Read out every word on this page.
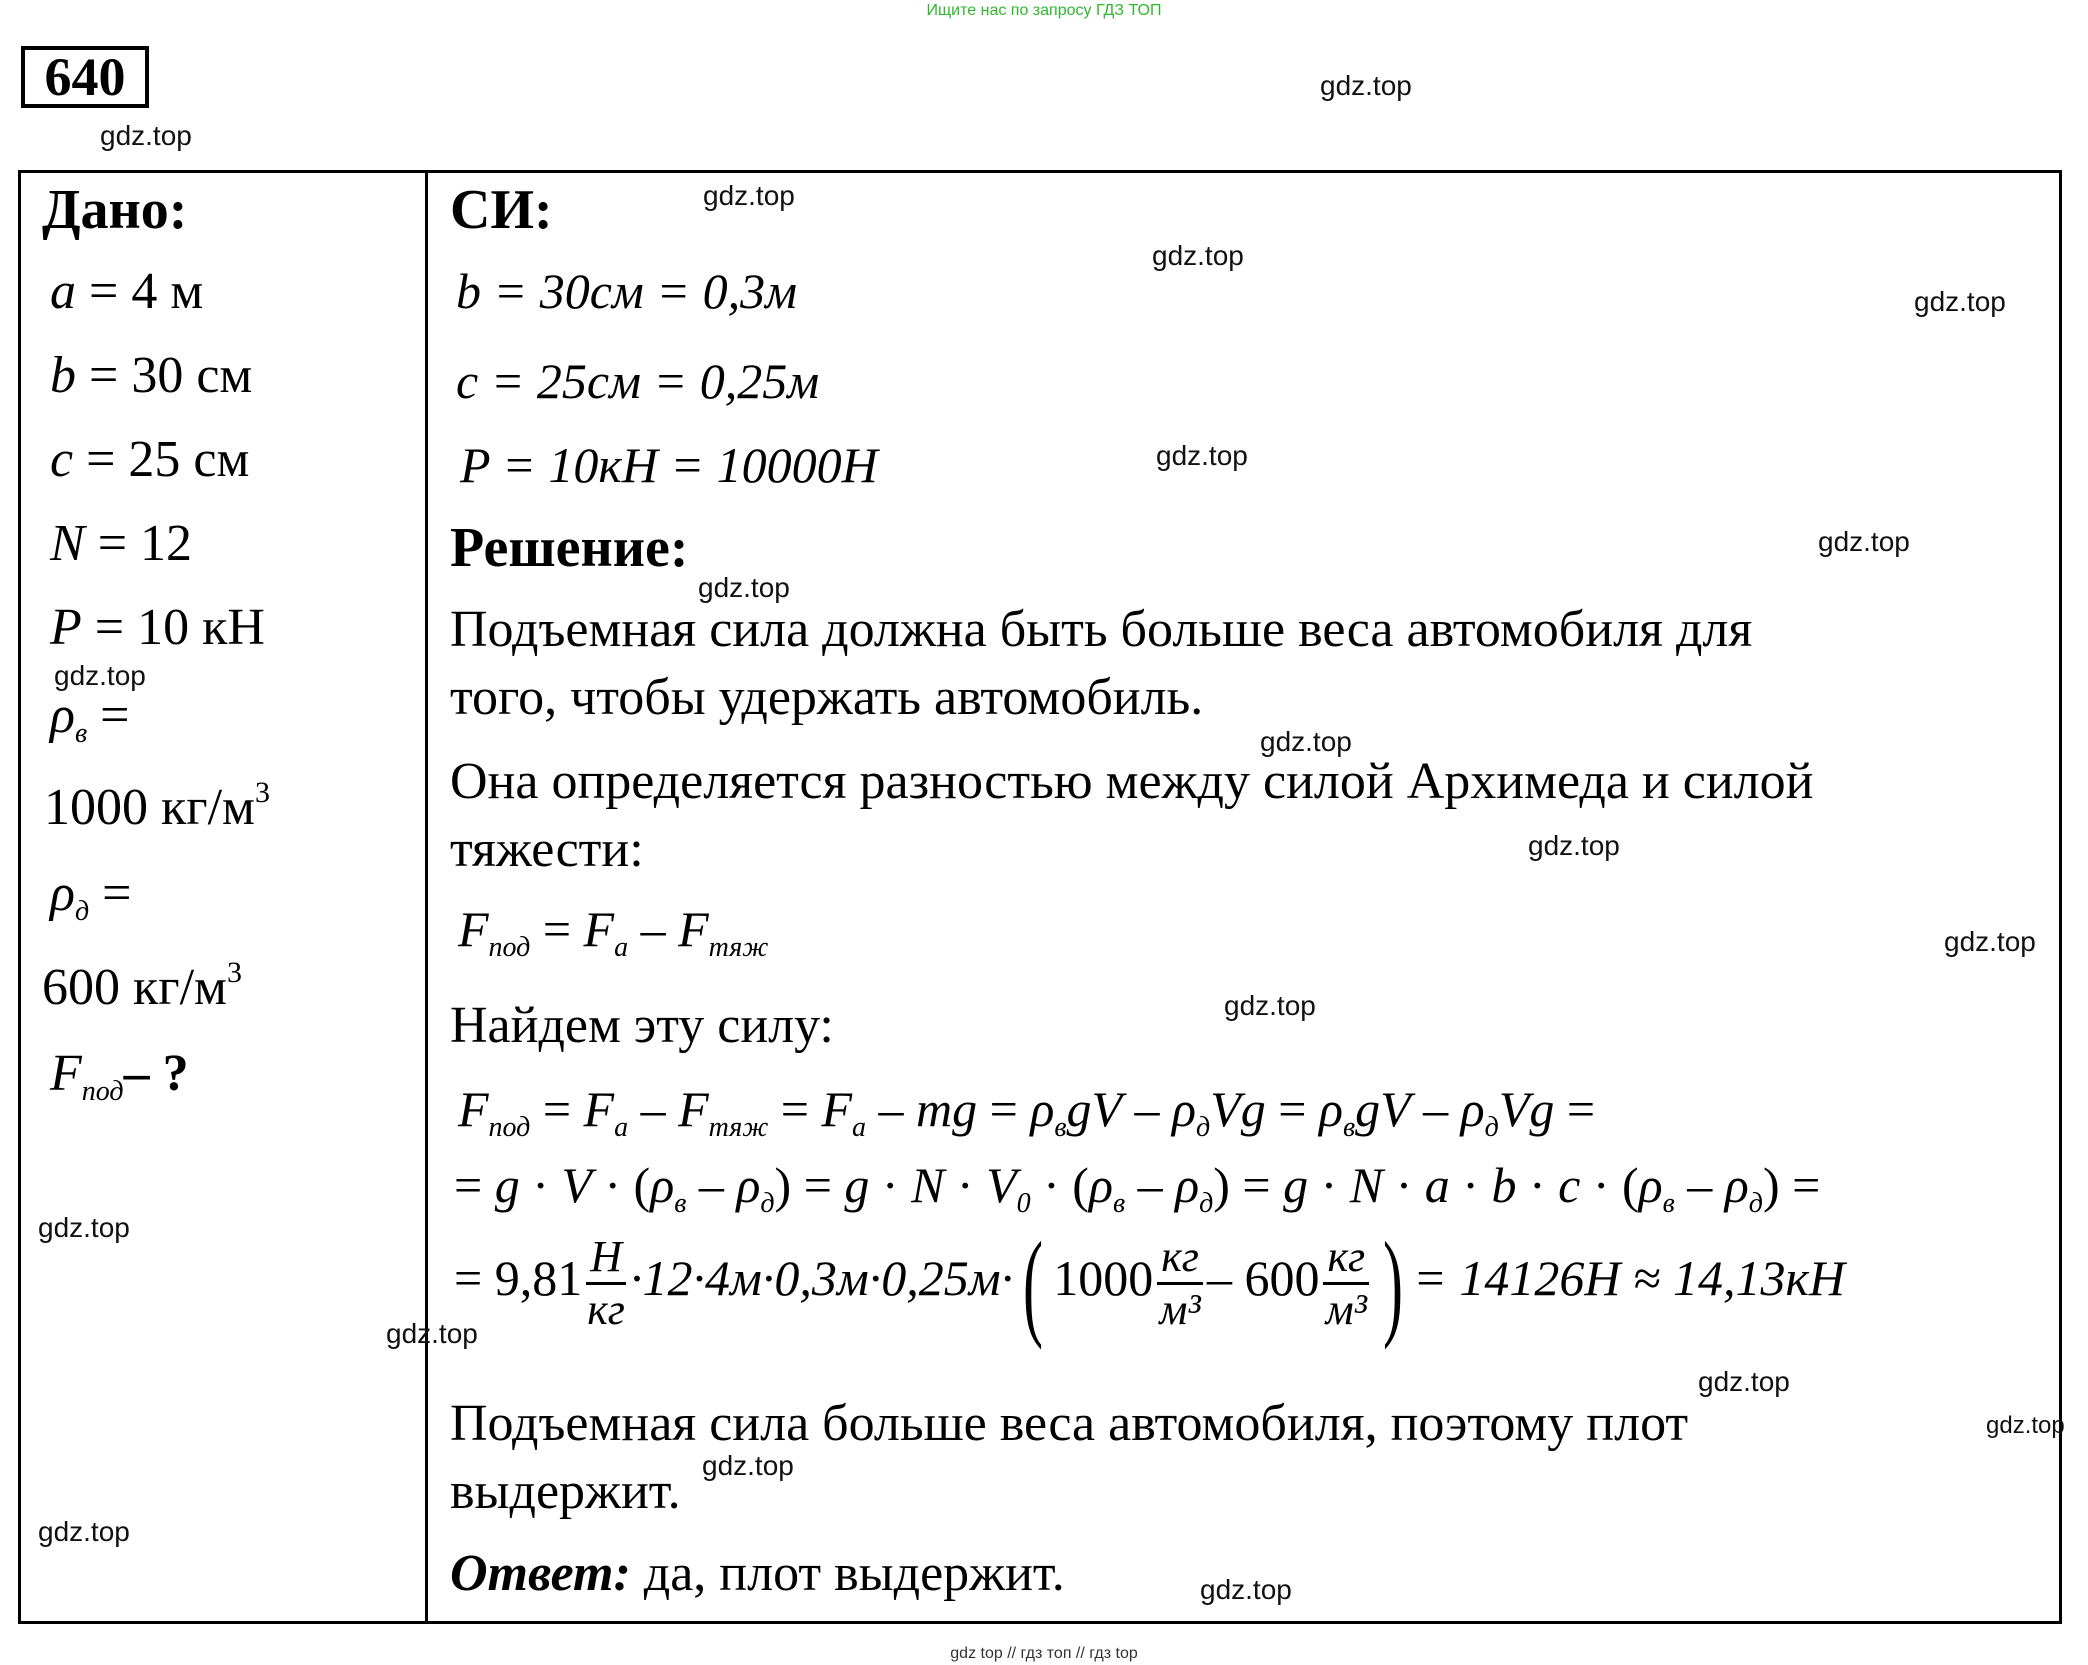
Ищите нас по запросу ГДЗ ТОП
640
Дано:
a = 4 м
b = 30 см
c = 25 см
N = 12
P = 10 кН
$\rho_в$ =
1000 $кг/м^3$
$\rho_д$ =
600 $кг/м^3$
$F_{под}-$ ?
СИ:
b = 30см = 0,3м
c = 25см = 0,25м
P = 10кН = 10000Н
Решение:
Подъемная сила должна быть больше веса автомобиля для
того, чтобы удержать автомобиль.
Она определяется разностью между силой Архимеда и силой
тяжести:
$F_{под} = F_а - F_{тяж}$
Найдем эту силу:
$F_{под} = F_а - F_{тяж} = F_а$ – mg = $\rho_вgV - \rho_дVg = \rho_вgV - \rho_дVg$ =
= $g \cdot V \cdot (\rho_в - \rho_д) = g \cdot N \cdot V_0 \cdot (\rho_в - \rho_д) = g \cdot N \cdot a \cdot b \cdot c \cdot (\rho_в - \rho_д)$ =
= $9,81 \frac{Н}{кг} \cdot 12\cdot 4м\cdot 0,3м\cdot 0,25м\cdot$( $1000 \frac{кг}{\text{м³}} - 600 \frac{кг}{\text{м³}}$ ) = 14126Н ≈ 14,13кН
Подъемная сила больше веса автомобиля, поэтому плот
выдержит.
Ответ: да, плот выдержит.
gdz.top
gdz.top
gdz.top
gdz.top
gdz.top
gdz.top
gdz.top
gdz.top
gdz.top
gdz.top
gdz.top
gdz.top
gdz.top
gdz.top
gdz.top
gdz.top
gdz.top
gdz.top
gdz.top
gdz.top
gdz top // гдз топ // гдз top
